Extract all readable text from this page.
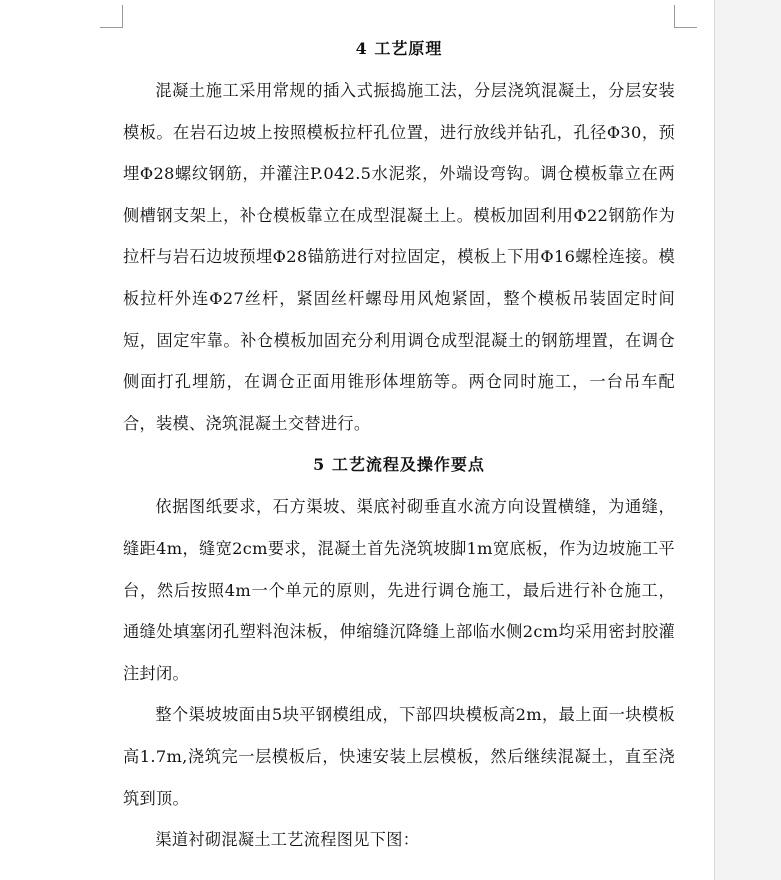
4 工艺原理

混凝土施工采用常规的插入式振捣施工法，分层浇筑混凝土，分层安装模板。在岩石边坡上按照模板拉杆孔位置，进行放线并钻孔，孔径Φ30，预埋Φ28螺纹钢筋，并灌注P.042.5水泥浆，外端设弯钩。调仓模板靠立在两侧槽钢支架上，补仓模板靠立在成型混凝土上。模板加固利用Φ22钢筋作为拉杆与岩石边坡预埋Φ28锚筋进行对拉固定，模板上下用Φ16螺栓连接。模板拉杆外连Φ27丝杆，紧固丝杆螺母用风炮紧固，整个模板吊装固定时间短，固定牢靠。补仓模板加固充分利用调仓成型混凝土的钢筋埋置，在调仓侧面打孔埋筋，在调仓正面用锥形体埋筋等。两仓同时施工，一台吊车配合，装模、浇筑混凝土交替进行。

5 工艺流程及操作要点

依据图纸要求，石方渠坡、渠底衬砌垂直水流方向设置横缝，为通缝，缝距4m，缝宽2cm要求，混凝土首先浇筑坡脚1m宽底板，作为边坡施工平台，然后按照4m一个单元的原则，先进行调仓施工，最后进行补仓施工，通缝处填塞闭孔塑料泡沫板，伸缩缝沉降缝上部临水侧2cm均采用密封胶灌注封闭。

整个渠坡坡面由5块平钢模组成，下部四块模板高2m，最上面一块模板高1.7m,浇筑完一层模板后，快速安装上层模板，然后继续混凝土，直至浇筑到顶。

渠道衬砌混凝土工艺流程图见下图：
